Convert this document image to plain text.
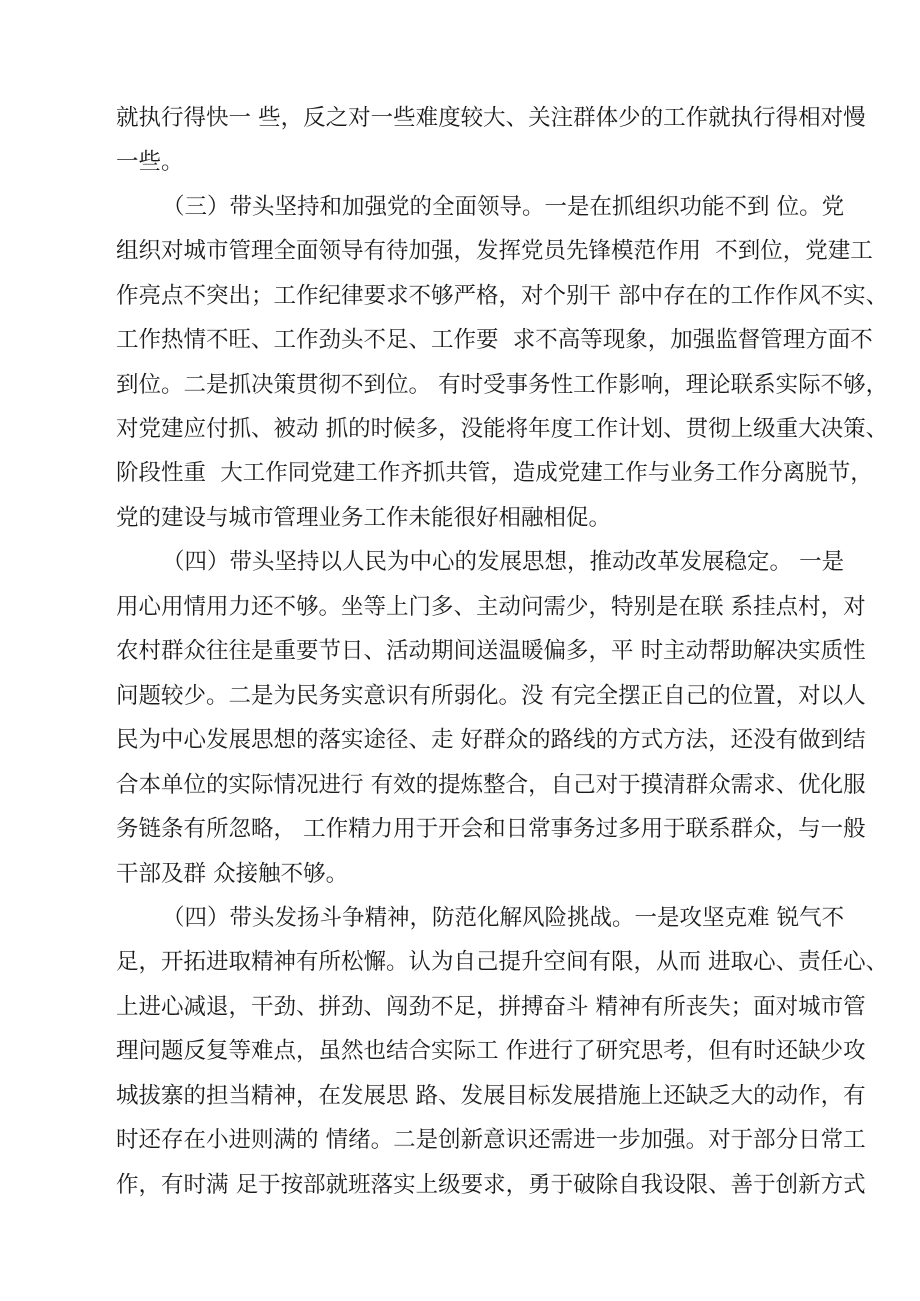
就执行得快一 些，反之对一些难度较大、关注群体少的工作就执行得相对慢
一些。
（三）带头坚持和加强党的全面领导。一是在抓组织功能不到 位。党
组织对城市管理全面领导有待加强，发挥党员先锋模范作用  不到位，党建工
作亮点不突出；工作纪律要求不够严格，对个别干 部中存在的工作作风不实、
工作热情不旺、工作劲头不足、工作要  求不高等现象，加强监督管理方面不
到位。二是抓决策贯彻不到位。 有时受事务性工作影响，理论联系实际不够，
对党建应付抓、被动 抓的时候多，没能将年度工作计划、贯彻上级重大决策、
阶段性重  大工作同党建工作齐抓共管，造成党建工作与业务工作分离脱节，
党的建设与城市管理业务工作未能很好相融相促。
（四）带头坚持以人民为中心的发展思想，推动改革发展稳定。 一是
用心用情用力还不够。坐等上门多、主动问需少，特别是在联 系挂点村，对
农村群众往往是重要节日、活动期间送温暖偏多，平 时主动帮助解决实质性
问题较少。二是为民务实意识有所弱化。没 有完全摆正自己的位置，对以人
民为中心发展思想的落实途径、走 好群众的路线的方式方法，还没有做到结
合本单位的实际情况进行 有效的提炼整合，自己对于摸清群众需求、优化服
务链条有所忽略， 工作精力用于开会和日常事务过多用于联系群众，与一般
干部及群 众接触不够。
（四）带头发扬斗争精神，防范化解风险挑战。一是攻坚克难 锐气不
足，开拓进取精神有所松懈。认为自己提升空间有限，从而 进取心、责任心、
上进心减退，干劲、拼劲、闯劲不足，拼搏奋斗 精神有所丧失；面对城市管
理问题反复等难点，虽然也结合实际工 作进行了研究思考，但有时还缺少攻
城拔寨的担当精神，在发展思 路、发展目标发展措施上还缺乏大的动作，有
时还存在小进则满的 情绪。二是创新意识还需进一步加强。对于部分日常工
作，有时满 足于按部就班落实上级要求，勇于破除自我设限、善于创新方式
